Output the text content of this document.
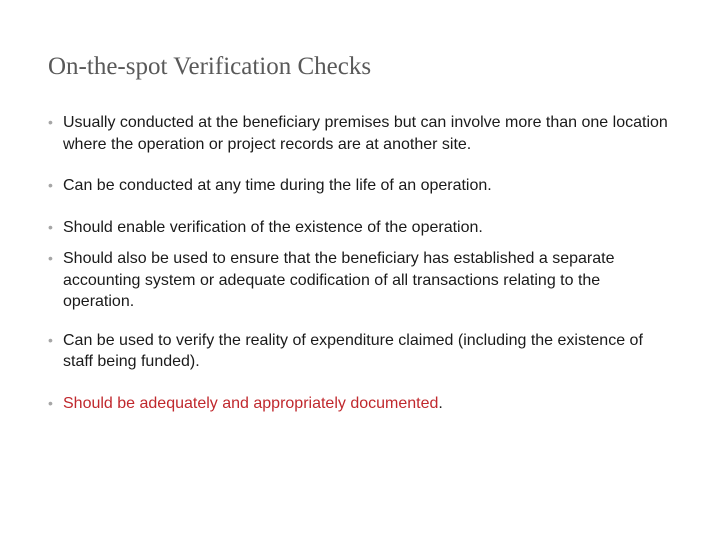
On-the-spot Verification Checks
• Usually conducted at the beneficiary premises but can involve more than one location where the operation or project records are at another site.
• Can be conducted at any time during the life of an operation.
• Should enable verification of the existence of the operation.
• Should also be used to ensure that the beneficiary has established a separate accounting system or adequate codification of all transactions relating to the operation.
• Can be used to verify the reality of expenditure claimed (including the existence of staff being funded).
• Should be adequately and appropriately documented.
